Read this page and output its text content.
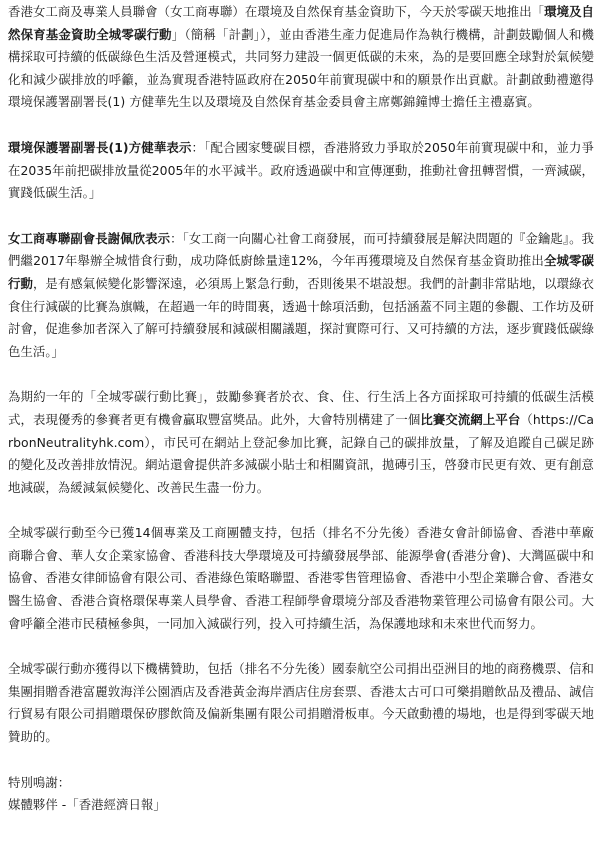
香港女工商及專業人員聯會（女工商專聯）在環境及自然保育基金資助下，今天於零碳天地推出「環境及自然保育基金資助全城零碳行動」（簡稱「計劃」），並由香港生產力促進局作為執行機構，計劃鼓勵個人和機構採取可持續的低碳綠色生活及營運模式，共同努力建設一個更低碳的未來，為的是要回應全球對於氣候變化和減少碳排放的呼籲，並為實現香港特區政府在2050年前實現碳中和的願景作出貢獻。計劃啟動禮邀得環境保護署副署長(1) 方健華先生以及環境及自然保育基金委員會主席鄭錦鐘博士擔任主禮嘉賓。

環境保護署副署長(1)方健華表示：「配合國家雙碳目標，香港將致力爭取於2050年前實現碳中和，並力爭在2035年前把碳排放量從2005年的水平減半。政府透過碳中和宣傳運動，推動社會扭轉習慣，一齊減碳，實踐低碳生活。」

女工商專聯副會長謝佩欣表示：「女工商一向關心社會工商發展，而可持續發展是解決問題的『金鑰匙』。我們繼2017年舉辦全城惜食行動，成功降低廚餘量達12%，今年再獲環境及自然保育基金資助推出全城零碳行動，是有感氣候變化影響深遠，必須馬上緊急行動，否則後果不堪設想。我們的計劃非常貼地，以環綠衣食住行減碳的比賽為旗幟，在超過一年的時間裏，透過十餘項活動，包括涵蓋不同主題的參觀、工作坊及研討會，促進參加者深入了解可持續發展和減碳相關議題，探討實際可行、又可持續的方法，逐步實踐低碳綠色生活。」

為期約一年的「全城零碳行動比賽」，鼓勵參賽者於衣、食、住、行生活上各方面採取可持續的低碳生活模式，表現優秀的參賽者更有機會贏取豐富獎品。此外，大會特別構建了一個比賽交流網上平台（https://CarbonNeutralityhk.com），市民可在網站上登記參加比賽，記錄自己的碳排放量，了解及追蹤自己碳足跡的變化及改善排放情況。網站還會提供許多減碳小貼士和相關資訊，拋磚引玉，啓發市民更有效、更有創意地減碳，為緩減氣候變化、改善民生盡一份力。

全城零碳行動至今已獲14個專業及工商團體支持，包括（排名不分先後）香港女會計師協會、香港中華廠商聯合會、華人女企業家協會、香港科技大學環境及可持續發展學部、能源學會(香港分會)、大灣區碳中和協會、香港女律師協會有限公司、香港綠色策略聯盟、香港零售管理協會、香港中小型企業聯合會、香港女醫生協會、香港合資格環保專業人員學會、香港工程師學會環境分部及香港物業管理公司協會有限公司。大會呼籲全港市民積極參與，一同加入減碳行列，投入可持續生活，為保護地球和未來世代而努力。

全城零碳行動亦獲得以下機構贊助，包括（排名不分先後）國泰航空公司捐出亞洲目的地的商務機票、信和集團捐贈香港富麗敦海洋公園酒店及香港黃金海岸酒店住房套票、香港太古可口可樂捐贈飲品及禮品、誠信行貿易有限公司捐贈環保矽膠飲筒及偏新集團有限公司捐贈滑板車。今天啟動禮的場地，也是得到零碳天地贊助的。

特別鳴謝：

媒體夥伴 -「香港經濟日報」
